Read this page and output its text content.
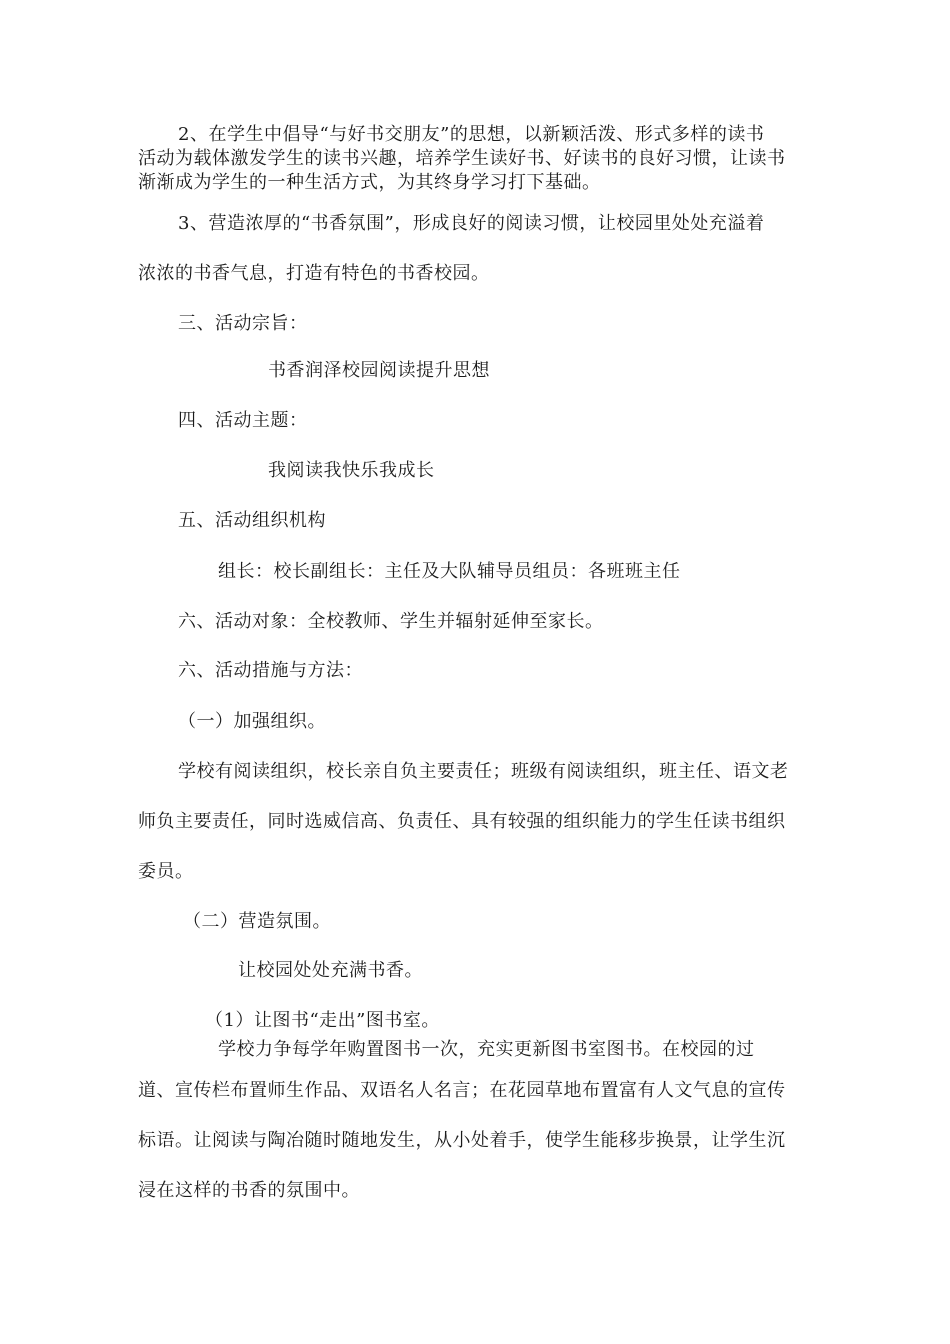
2、在学生中倡导“与好书交朋友”的思想，以新颖活泼、形式多样的读书
活动为载体激发学生的读书兴趣，培养学生读好书、好读书的良好习惯，让读书
渐渐成为学生的一种生活方式，为其终身学习打下基础。
3、营造浓厚的“书香氛围”，形成良好的阅读习惯，让校园里处处充溢着
浓浓的书香气息，打造有特色的书香校园。
三、活动宗旨：
书香润泽校园阅读提升思想
四、活动主题：
我阅读我快乐我成长
五、活动组织机构
组长：校长副组长：主任及大队辅导员组员：各班班主任
六、活动对象：全校教师、学生并辐射延伸至家长。
六、活动措施与方法：
（一）加强组织。
学校有阅读组织，校长亲自负主要责任；班级有阅读组织，班主任、语文老
师负主要责任，同时选威信高、负责任、具有较强的组织能力的学生任读书组织
委员。
（二）营造氛围。
让校园处处充满书香。
（1）让图书“走出”图书室。
学校力争每学年购置图书一次，充实更新图书室图书。在校园的过
道、宣传栏布置师生作品、双语名人名言；在花园草地布置富有人文气息的宣传
标语。让阅读与陶冶随时随地发生，从小处着手，使学生能移步换景，让学生沉
浸在这样的书香的氛围中。
